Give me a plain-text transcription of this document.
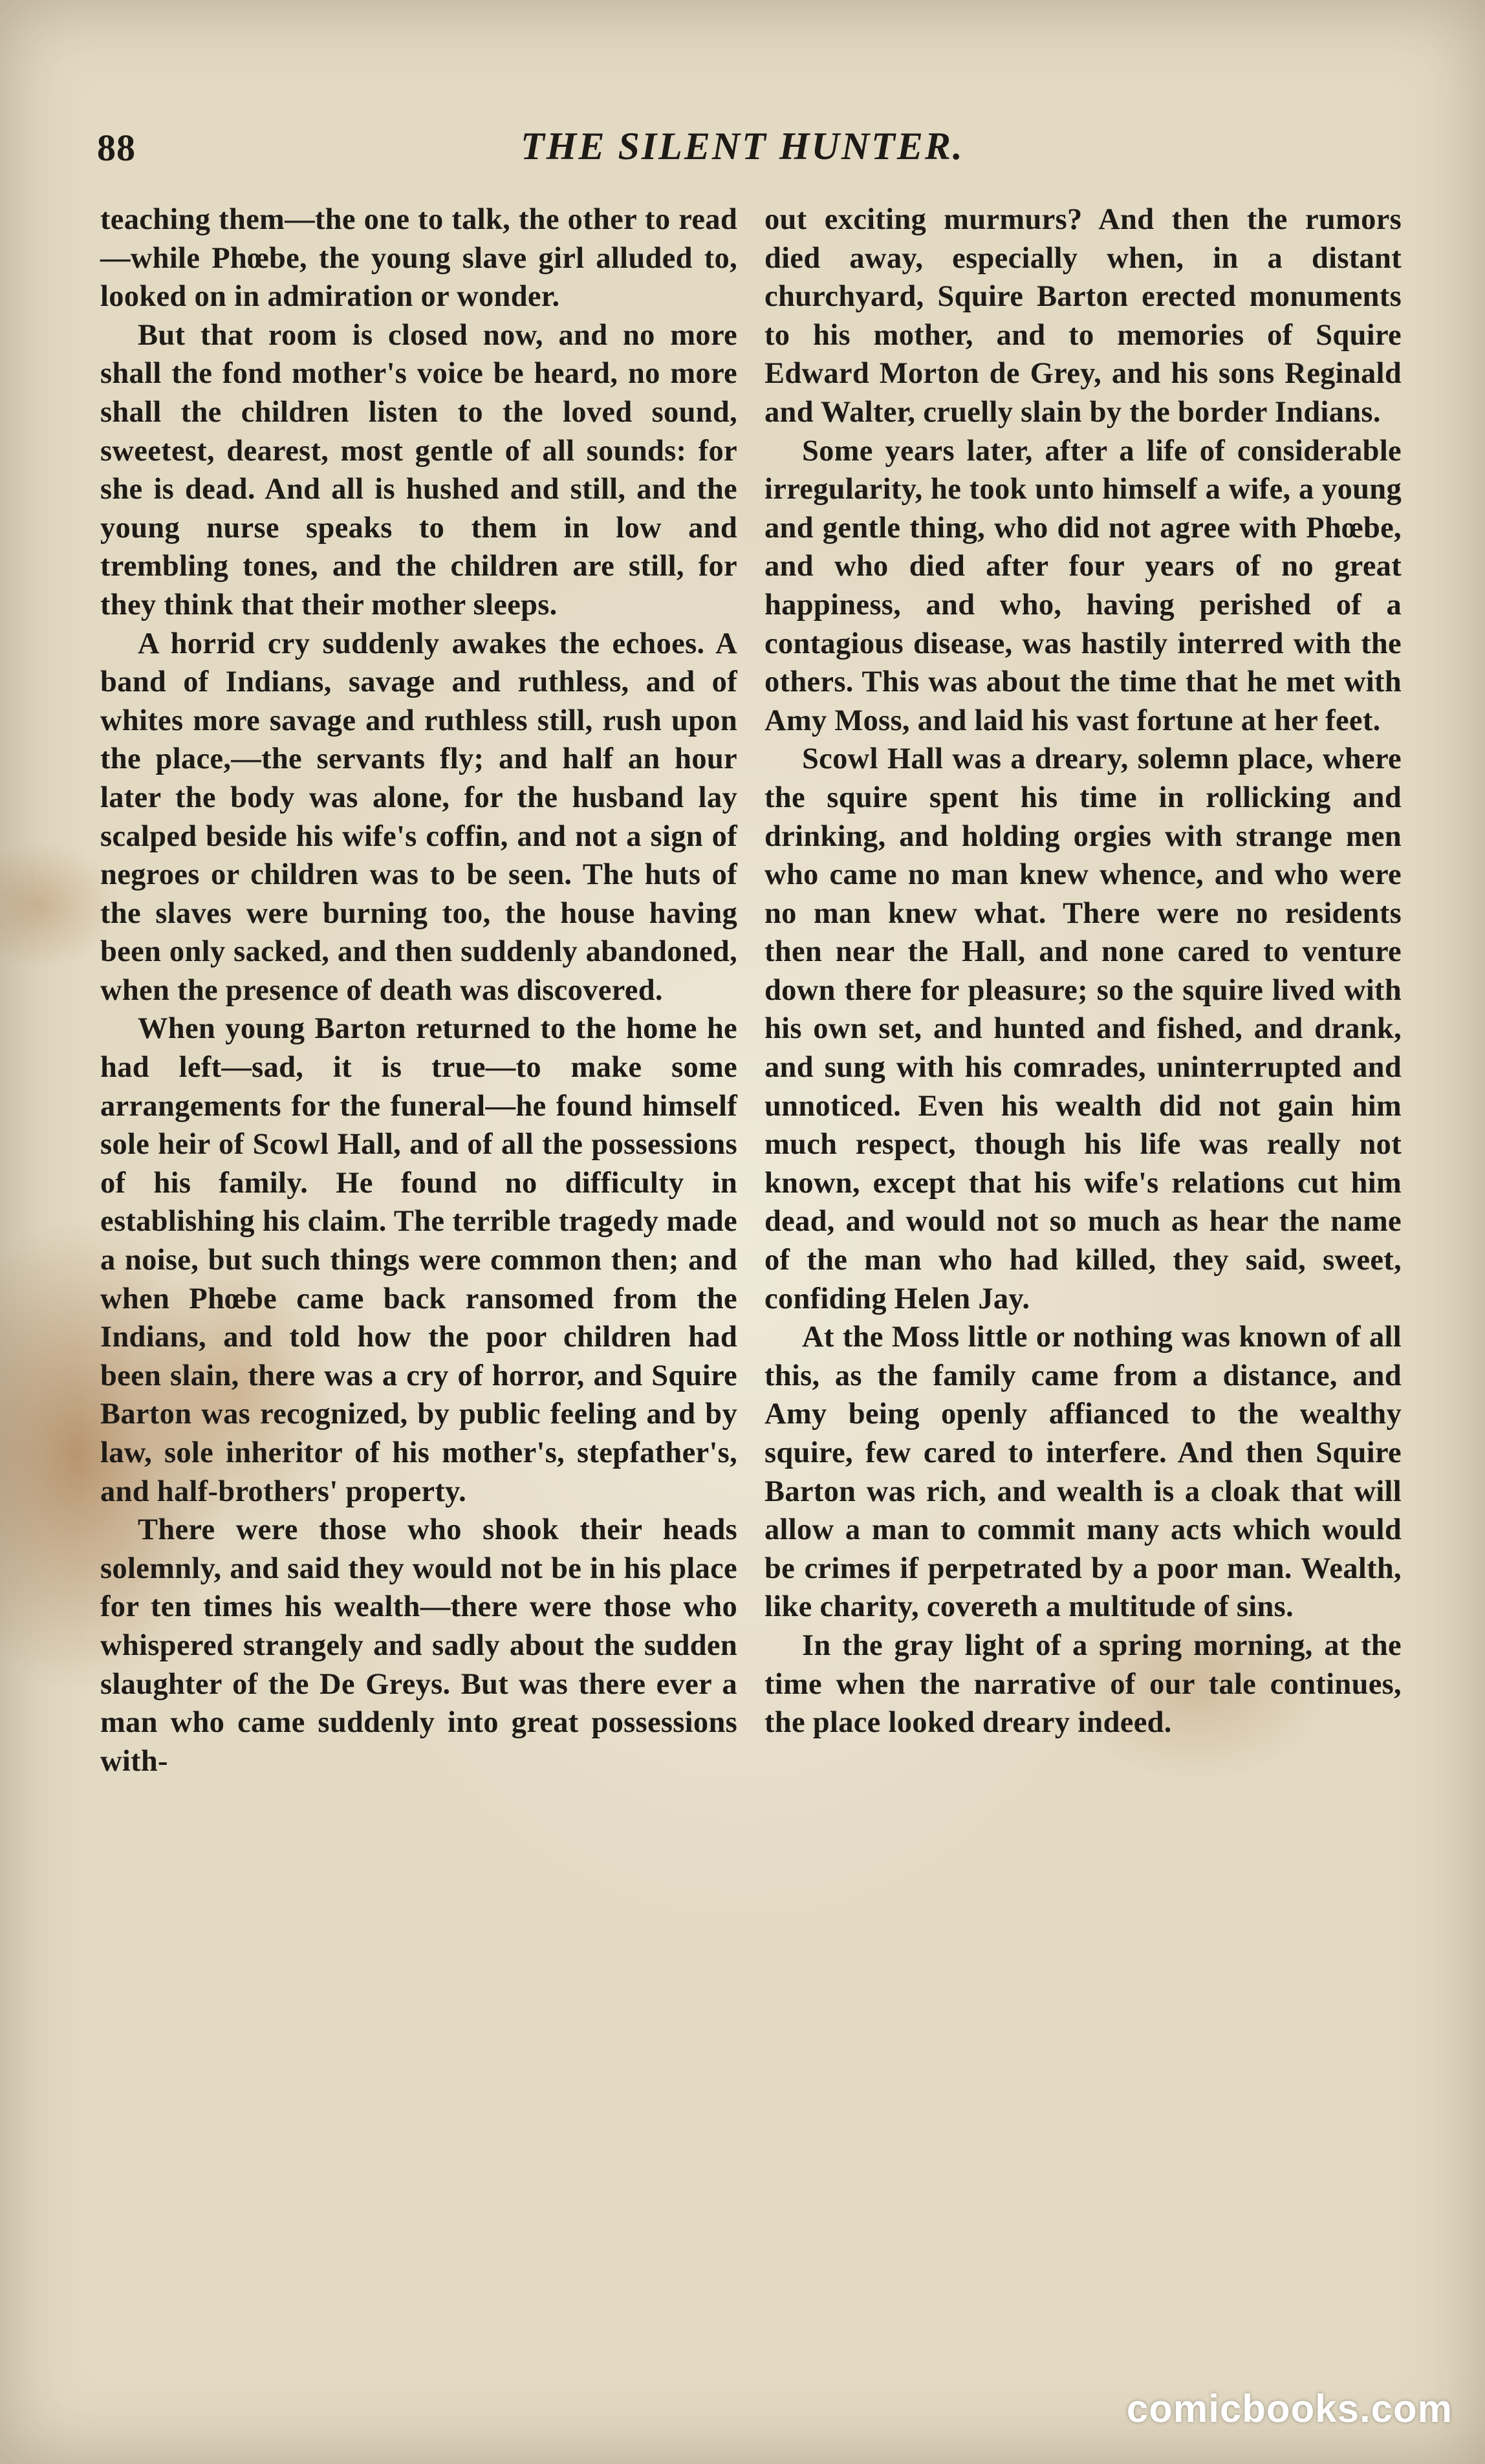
88	THE SILENT HUNTER.

teaching them—the one to talk, the other to read—while Phœbe, the young slave girl alluded to, looked on in admiration or wonder.

But that room is closed now, and no more shall the fond mother's voice be heard, no more shall the children listen to the loved sound, sweetest, dearest, most gentle of all sounds: for she is dead. And all is hushed and still, and the young nurse speaks to them in low and trembling tones, and the children are still, for they think that their mother sleeps.

A horrid cry suddenly awakes the echoes. A band of Indians, savage and ruthless, and of whites more savage and ruthless still, rush upon the place,—the servants fly; and half an hour later the body was alone, for the husband lay scalped beside his wife's coffin, and not a sign of negroes or children was to be seen. The huts of the slaves were burning too, the house having been only sacked, and then suddenly abandoned, when the presence of death was discovered.

When young Barton returned to the home he had left—sad, it is true—to make some arrangements for the funeral—he found himself sole heir of Scowl Hall, and of all the possessions of his family. He found no difficulty in establishing his claim. The terrible tragedy made a noise, but such things were common then; and when Phœbe came back ransomed from the Indians, and told how the poor children had been slain, there was a cry of horror, and Squire Barton was recognized, by public feeling and by law, sole inheritor of his mother's, stepfather's, and half-brothers' property.

There were those who shook their heads solemnly, and said they would not be in his place for ten times his wealth—there were those who whispered strangely and sadly about the sudden slaughter of the De Greys. But was there ever a man who came suddenly into great possessions with-

out exciting murmurs? And then the rumors died away, especially when, in a distant churchyard, Squire Barton erected monuments to his mother, and to memories of Squire Edward Morton de Grey, and his sons Reginald and Walter, cruelly slain by the border Indians.

Some years later, after a life of considerable irregularity, he took unto himself a wife, a young and gentle thing, who did not agree with Phœbe, and who died after four years of no great happiness, and who, having perished of a contagious disease, was hastily interred with the others. This was about the time that he met with Amy Moss, and laid his vast fortune at her feet.

Scowl Hall was a dreary, solemn place, where the squire spent his time in rollicking and drinking, and holding orgies with strange men who came no man knew whence, and who were no man knew what. There were no residents then near the Hall, and none cared to venture down there for pleasure; so the squire lived with his own set, and hunted and fished, and drank, and sung with his comrades, uninterrupted and unnoticed. Even his wealth did not gain him much respect, though his life was really not known, except that his wife's relations cut him dead, and would not so much as hear the name of the man who had killed, they said, sweet, confiding Helen Jay.

At the Moss little or nothing was known of all this, as the family came from a distance, and Amy being openly affianced to the wealthy squire, few cared to interfere. And then Squire Barton was rich, and wealth is a cloak that will allow a man to commit many acts which would be crimes if perpetrated by a poor man. Wealth, like charity, covereth a multitude of sins.

In the gray light of a spring morning, at the time when the narrative of our tale continues, the place looked dreary indeed.

comicbooks.com
